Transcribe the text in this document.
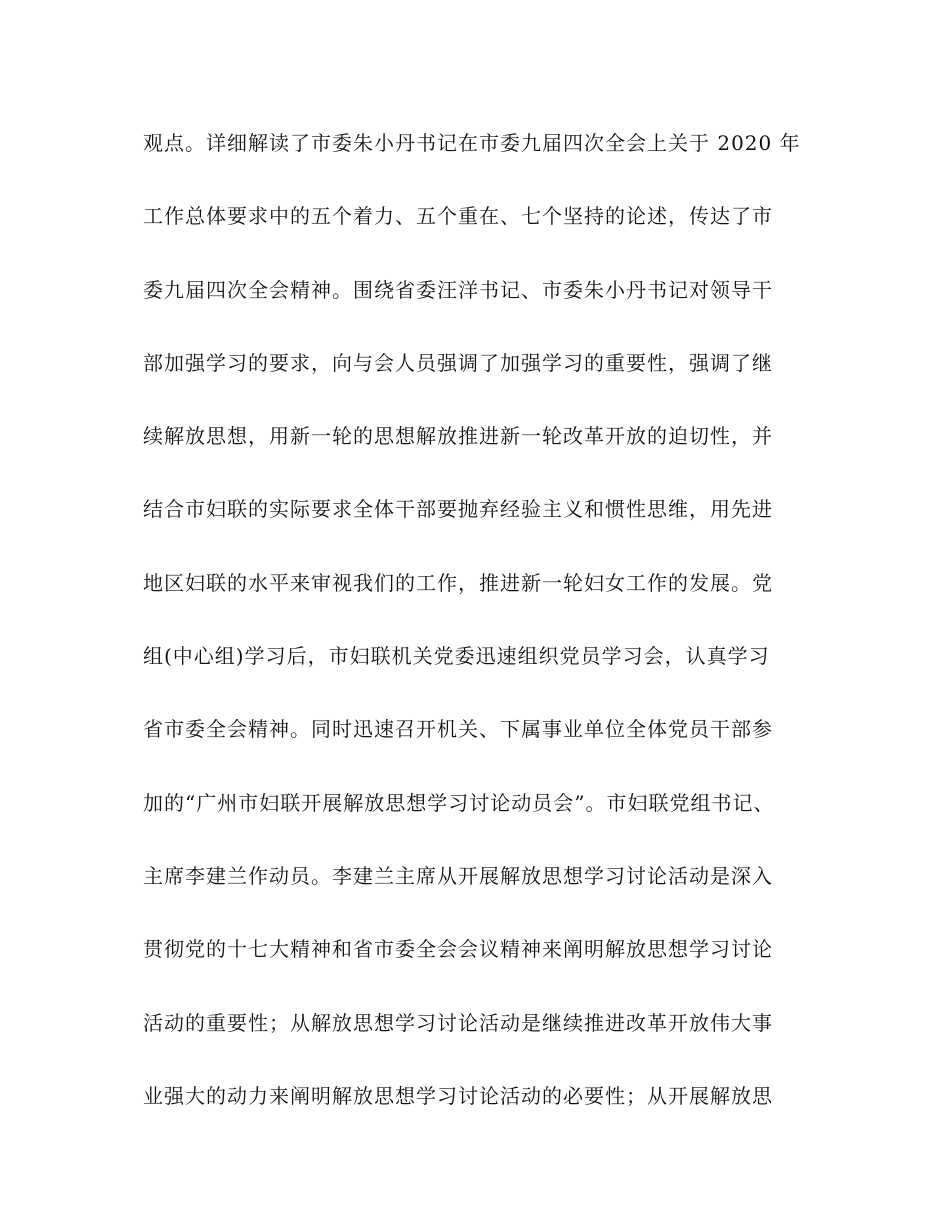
观点。详细解读了市委朱小丹书记在市委九届四次全会上关于 2020 年
工作总体要求中的五个着力、五个重在、七个坚持的论述，传达了市
委九届四次全会精神。围绕省委汪洋书记、市委朱小丹书记对领导干
部加强学习的要求，向与会人员强调了加强学习的重要性，强调了继
续解放思想，用新一轮的思想解放推进新一轮改革开放的迫切性，并
结合市妇联的实际要求全体干部要抛弃经验主义和惯性思维，用先进
地区妇联的水平来审视我们的工作，推进新一轮妇女工作的发展。党
组(中心组)学习后，市妇联机关党委迅速组织党员学习会，认真学习
省市委全会精神。同时迅速召开机关、下属事业单位全体党员干部参
加的“广州市妇联开展解放思想学习讨论动员会”。市妇联党组书记、
主席李建兰作动员。李建兰主席从开展解放思想学习讨论活动是深入
贯彻党的十七大精神和省市委全会会议精神来阐明解放思想学习讨论
活动的重要性；从解放思想学习讨论活动是继续推进改革开放伟大事
业强大的动力来阐明解放思想学习讨论活动的必要性；从开展解放思
